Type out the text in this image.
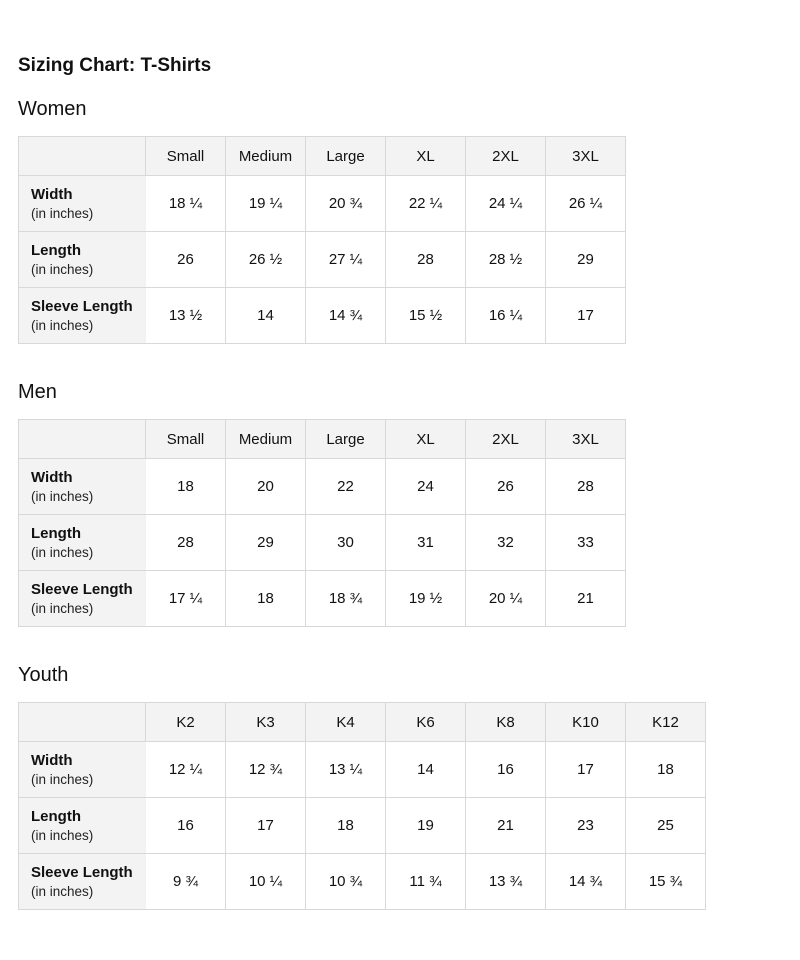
Sizing Chart: T-Shirts
Women
	Small	Medium	Large	XL	2XL	3XL

Width
(in inches)	18 ¼	19 ¼	20 ¾	22 ¼	24 ¼	26 ¼

Length
(in inches)	26	26 ½	27 ¼	28	28 ½	29

Sleeve Length
(in inches)	13 ½	14	14 ¾	15 ½	16 ¼	17
Men
	Small	Medium	Large	XL	2XL	3XL

Width
(in inches)	18	20	22	24	26	28

Length
(in inches)	28	29	30	31	32	33

Sleeve Length
(in inches)	17 ¼	18	18 ¾	19 ½	20 ¼	21
Youth
	K2	K3	K4	K6	K8	K10	K12

Width
(in inches)	12 ¼	12 ¾	13 ¼	14	16	17	18

Length
(in inches)	16	17	18	19	21	23	25

Sleeve Length
(in inches)	9 ¾	10 ¼	10 ¾	11 ¾	13 ¾	14 ¾	15 ¾
